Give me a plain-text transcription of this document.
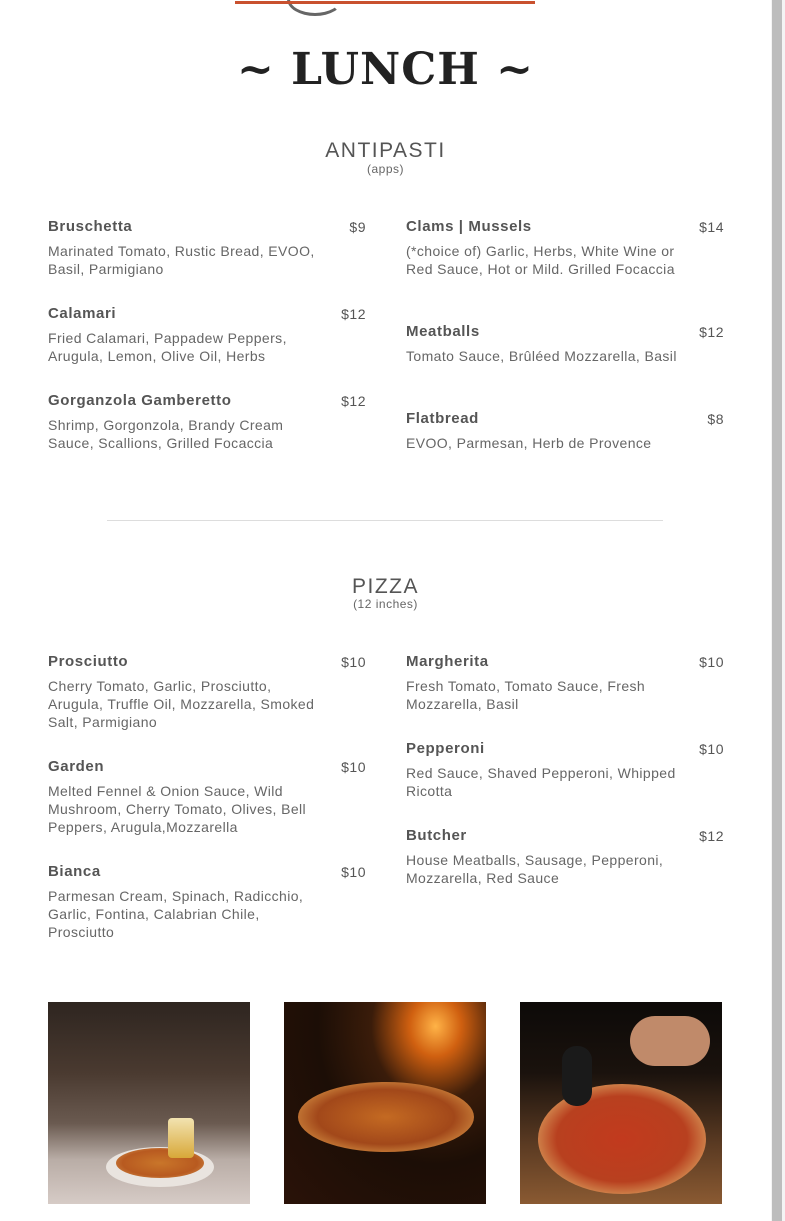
~ LUNCH ~
ANTIPASTI
(apps)
Bruschetta	$9
Marinated Tomato, Rustic Bread, EVOO, Basil, Parmigiano
Calamari	$12
Fried Calamari, Pappadew Peppers, Arugula, Lemon, Olive Oil, Herbs
Gorganzola Gamberetto	$12
Shrimp, Gorgonzola, Brandy Cream Sauce, Scallions, Grilled Focaccia
Clams | Mussels	$14
(*choice of) Garlic, Herbs, White Wine or Red Sauce, Hot or Mild. Grilled Focaccia
Meatballs	$12
Tomato Sauce, Brûléed Mozzarella, Basil
Flatbread	$8
EVOO, Parmesan, Herb de Provence
PIZZA
(12 inches)
Prosciutto	$10
Cherry Tomato, Garlic, Prosciutto, Arugula, Truffle Oil, Mozzarella, Smoked Salt, Parmigiano
Garden	$10
Melted Fennel & Onion Sauce, Wild Mushroom, Cherry Tomato, Olives, Bell Peppers, Arugula,Mozzarella
Bianca	$10
Parmesan Cream, Spinach, Radicchio, Garlic, Fontina, Calabrian Chile, Prosciutto
Margherita	$10
Fresh Tomato, Tomato Sauce, Fresh Mozzarella, Basil
Pepperoni	$10
Red Sauce, Shaved Pepperoni, Whipped Ricotta
Butcher	$12
House Meatballs, Sausage, Pepperoni, Mozzarella, Red Sauce
